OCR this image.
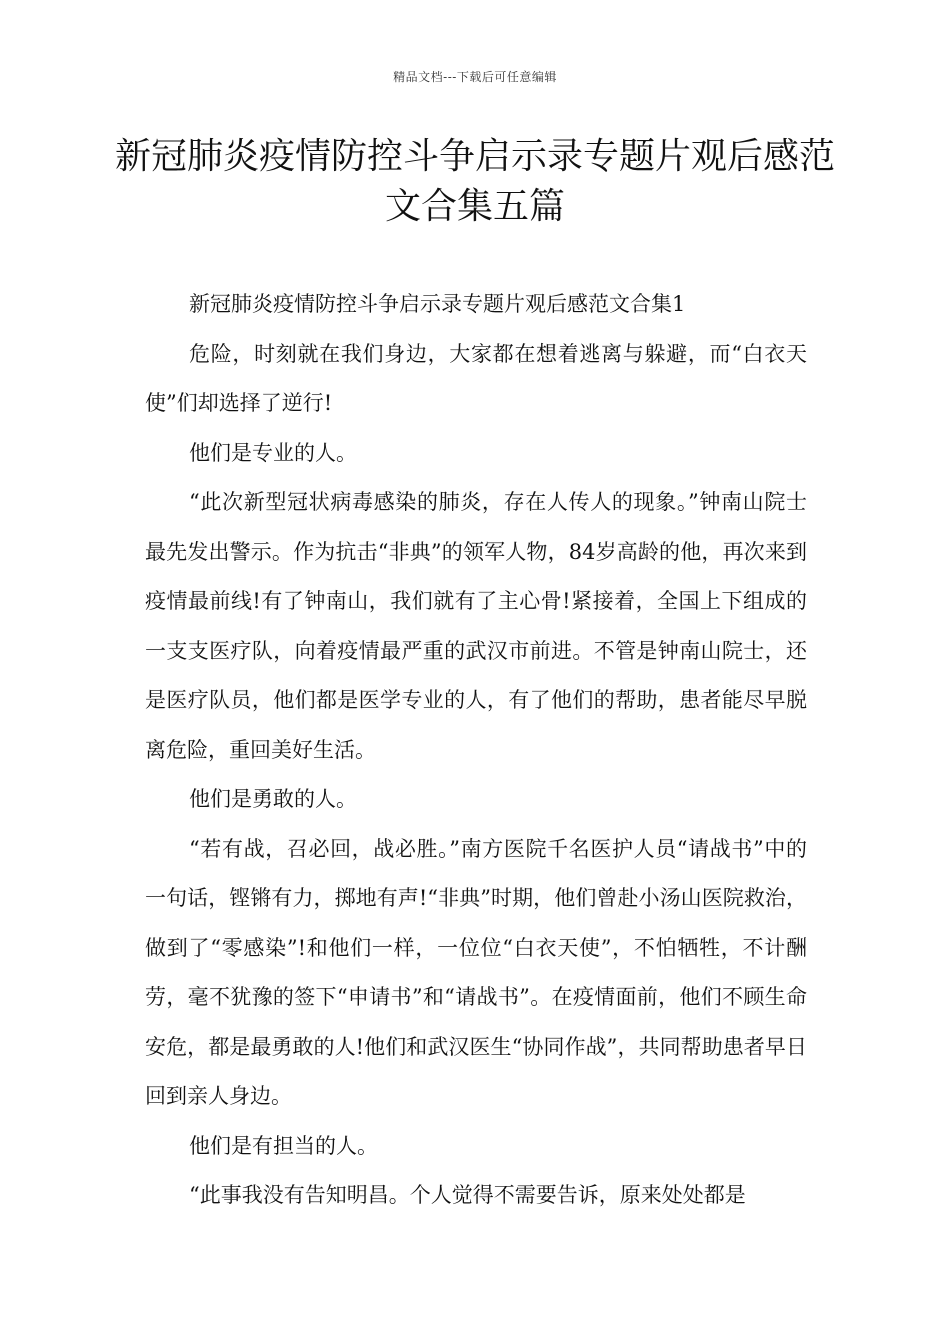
精品文档---下载后可任意编辑
新冠肺炎疫情防控斗争启示录专题片观后感范文合集五篇

新冠肺炎疫情防控斗争启示录专题片观后感范文合集1

危险，时刻就在我们身边，大家都在想着逃离与躲避，而“白衣天使”们却选择了逆行!

他们是专业的人。

“此次新型冠状病毒感染的肺炎，存在人传人的现象。”钟南山院士最先发出警示。作为抗击“非典”的领军人物，84岁高龄的他，再次来到疫情最前线!有了钟南山，我们就有了主心骨!紧接着，全国上下组成的一支支医疗队，向着疫情最严重的武汉市前进。不管是钟南山院士，还是医疗队员，他们都是医学专业的人，有了他们的帮助，患者能尽早脱离危险，重回美好生活。

他们是勇敢的人。

“若有战，召必回，战必胜。”南方医院千名医护人员“请战书”中的一句话，铿锵有力，掷地有声!“非典”时期，他们曾赴小汤山医院救治，做到了“零感染”!和他们一样，一位位“白衣天使”，不怕牺牲，不计酬劳，毫不犹豫的签下“申请书”和“请战书”。在疫情面前，他们不顾生命安危，都是最勇敢的人!他们和武汉医生“协同作战”，共同帮助患者早日回到亲人身边。

他们是有担当的人。

“此事我没有告知明昌。个人觉得不需要告诉，原来处处都是
